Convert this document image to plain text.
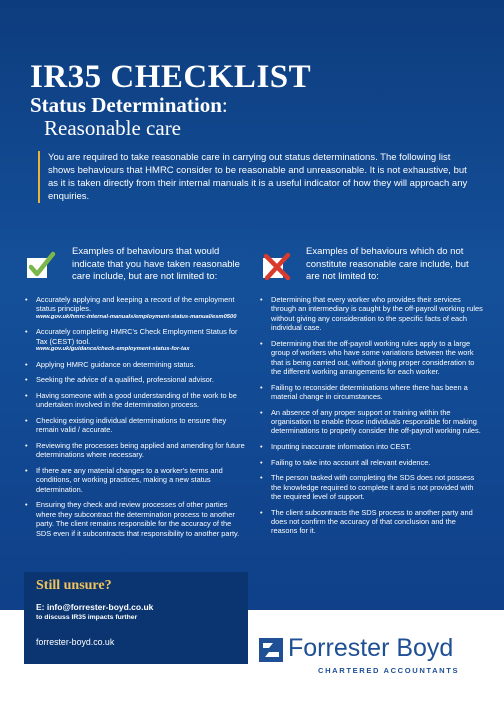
IR35 CHECKLIST
Status Determination:
Reasonable care
You are required to take reasonable care in carrying out status determinations. The following list shows behaviours that HMRC consider to be reasonable and unreasonable. It is not exhaustive, but as it is taken directly from their internal manuals it is a useful indicator of how they will approach any enquiries.
Examples of behaviours that would indicate that you have taken reasonable care include, but are not limited to:
• Accurately applying and keeping a record of the employment status principles.
www.gov.uk/hmrc-internal-manuals/employment-status-manual/esm0500
• Accurately completing HMRC's Check Employment Status for Tax (CEST) tool.
www.gov.uk/guidance/check-employment-status-for-tax
• Applying HMRC guidance on determining status.
• Seeking the advice of a qualified, professional advisor.
• Having someone with a good understanding of the work to be undertaken involved in the determination process.
• Checking existing individual determinations to ensure they remain valid / accurate.
• Reviewing the processes being applied and amending for future determinations where necessary.
• If there are any material changes to a worker's terms and conditions, or working practices, making a new status determination.
• Ensuring they check and review processes of other parties where they subcontract the determination process to another party. The client remains responsible for the accuracy of the SDS even if it subcontracts that responsibility to another party.
Examples of behaviours which do not constitute reasonable care include, but are not limited to:
• Determining that every worker who provides their services through an intermediary is caught by the off-payroll working rules without giving any consideration to the specific facts of each individual case.
• Determining that the off-payroll working rules apply to a large group of workers who have some variations between the work that is being carried out, without giving proper consideration to the different working arrangements for each worker.
• Failing to reconsider determinations where there has been a material change in circumstances.
• An absence of any proper support or training within the organisation to enable those individuals responsible for making determinations to properly consider the off-payroll working rules.
• Inputting inaccurate information into CEST.
• Failing to take into account all relevant evidence.
• The person tasked with completing the SDS does not possess the knowledge required to complete it and is not provided with the required level of support.
• The client subcontracts the SDS process to another party and does not confirm the accuracy of that conclusion and the reasons for it.
Still unsure?
E: info@forrester-boyd.co.uk
to discuss IR35 impacts further
forrester-boyd.co.uk	Forrester Boyd
CHARTERED ACCOUNTANTS
